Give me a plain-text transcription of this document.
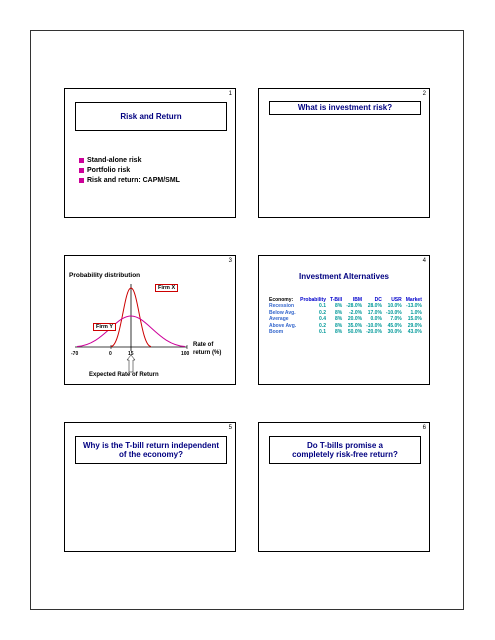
1
Risk and Return
Stand-alone risk
Portfolio risk
Risk and return: CAPM/SML
2
What is investment risk?
3
Probability distribution
Firm X
Firm Y
-70	0	15	100
Rate of
return (%)
Expected Rate of Return
4
Investment Alternatives
Economy:	Probability	T-Bill	IBM	DC	USR	Market
Recession	0.1	8%	-28.0%	28.0%	10.0%	-13.0%
Below Avg.	0.2	8%	-2.0%	17.0%	-10.0%	1.0%
Average	0.4	8%	20.0%	0.0%	7.0%	15.0%
Above Avg.	0.2	8%	35.0%	-10.0%	45.0%	29.0%
Boom	0.1	8%	50.0%	-20.0%	30.0%	43.0%
5
Why is the T-bill return independent
of the economy?
6
Do T-bills promise a
completely risk-free return?
